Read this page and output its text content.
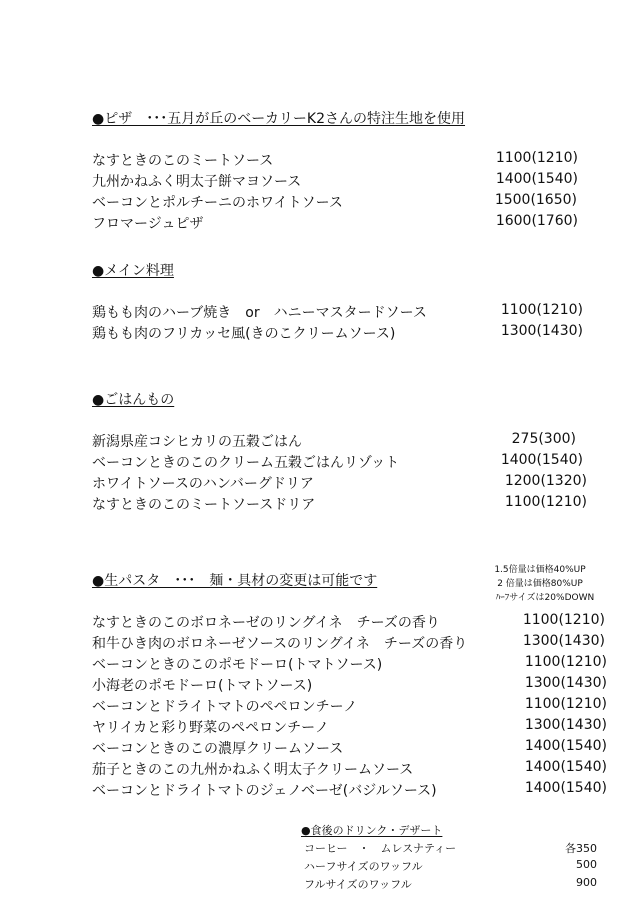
●ピザ　･･･五月が丘のベーカリーK2さんの特注生地を使用
なすときのこのミートソース	1100(1210)
九州かねふく明太子餅マヨソース	1400(1540)
ベーコンとポルチーニのホワイトソース	1500(1650)
フロマージュピザ	1600(1760)
●メイン料理
鶏もも肉のハーブ焼き　or　ハニーマスタードソース	1100(1210)
鶏もも肉のフリカッセ風(きのこクリームソース)	1300(1430)
●ごはんもの
新潟県産コシヒカリの五穀ごはん	275(300)
ベーコンときのこのクリーム五穀ごはんリゾット	1400(1540)
ホワイトソースのハンバーグドリア	1200(1320)
なすときのこのミートソースドリア	1100(1210)
●生パスタ　･･･　麺・具材の変更は可能です
1.5倍量は価格40%UP
2 倍量は価格80%UP
ﾊｰﾌサイズは20%DOWN
なすときのこのボロネーゼのリングイネ　チーズの香り	1100(1210)
和牛ひき肉のボロネーゼソースのリングイネ　チーズの香り	1300(1430)
ベーコンときのこのポモドーロ(トマトソース)	1100(1210)
小海老のポモドーロ(トマトソース)	1300(1430)
ベーコンとドライトマトのペペロンチーノ	1100(1210)
ヤリイカと彩り野菜のペペロンチーノ	1300(1430)
ベーコンときのこの濃厚クリームソース	1400(1540)
茄子ときのこの九州かねふく明太子クリームソース	1400(1540)
ベーコンとドライトマトのジェノベーゼ(バジルソース)	1400(1540)
●食後のドリンク・デザート
コーヒー　・　ムレスナティー	各350
ハーフサイズのワッフル	500
フルサイズのワッフル	900
